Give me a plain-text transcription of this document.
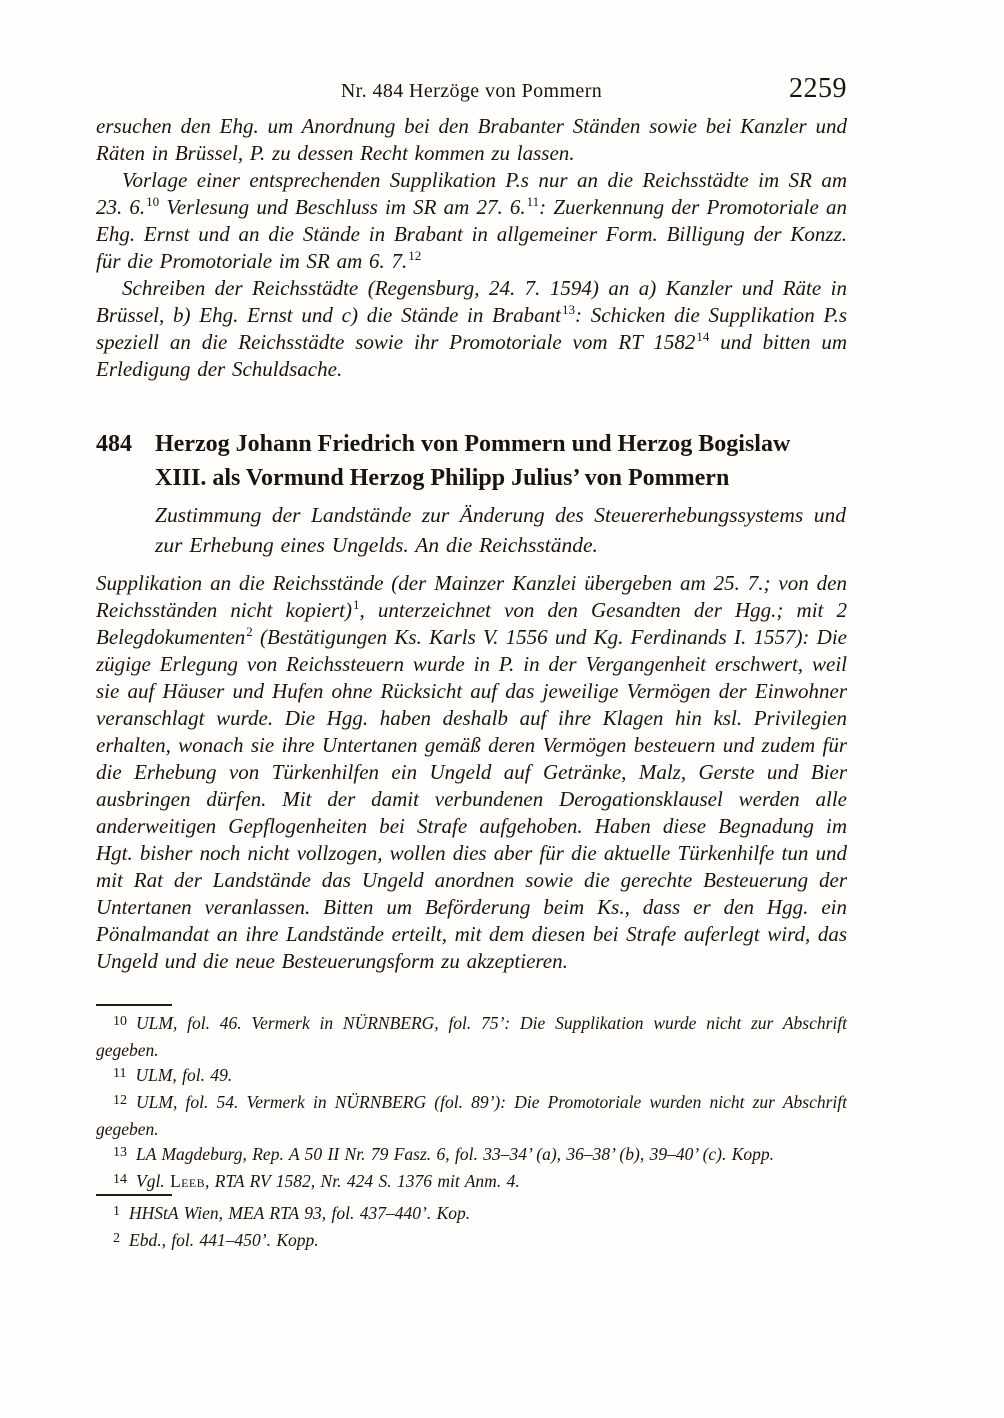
Nr. 484 Herzöge von Pommern	2259

ersuchen den Ehg. um Anordnung bei den Brabanter Ständen sowie bei Kanzler und Räten in Brüssel, P. zu dessen Recht kommen zu lassen.

Vorlage einer entsprechenden Supplikation P.s nur an die Reichsstädte im SR am 23. 6.10 Verlesung und Beschluss im SR am 27. 6.11: Zuerkennung der Promotoriale an Ehg. Ernst und an die Stände in Brabant in allgemeiner Form. Billigung der Konzz. für die Promotoriale im SR am 6. 7.12

Schreiben der Reichsstädte (Regensburg, 24. 7. 1594) an a) Kanzler und Räte in Brüssel, b) Ehg. Ernst und c) die Stände in Brabant$^{13}$: Schicken die Supplikation P.s speziell an die Reichsstädte sowie ihr Promotoriale vom RT 1582$^{14}$ und bitten um Erledigung der Schuldsache.

484 Herzog Johann Friedrich von Pommern und Herzog Bogislaw XIII. als Vormund Herzog Philipp Julius’ von Pommern
Zustimmung der Landstände zur Änderung des Steuererhebungssystems und zur Erhebung eines Ungelds. An die Reichsstände.

Supplikation an die Reichsstände (der Mainzer Kanzlei übergeben am 25. 7.; von den Reichsständen nicht kopiert)$^1$, unterzeichnet von den Gesandten der Hgg.; mit 2 Belegdokumenten$^2$ (Bestätigungen Ks. Karls V. 1556 und Kg. Ferdinands I. 1557): Die zügige Erlegung von Reichssteuern wurde in P. in der Vergangenheit erschwert, weil sie auf Häuser und Hufen ohne Rücksicht auf das jeweilige Vermögen der Einwohner veranschlagt wurde. Die Hgg. haben deshalb auf ihre Klagen hin ksl. Privilegien erhalten, wonach sie ihre Untertanen gemäß deren Vermögen besteuern und zudem für die Erhebung von Türkenhilfen ein Ungeld auf Getränke, Malz, Gerste und Bier ausbringen dürfen. Mit der damit verbundenen Derogationsklausel werden alle anderweitigen Gepflogenheiten bei Strafe aufgehoben. Haben diese Begnadung im Hgt. bisher noch nicht vollzogen, wollen dies aber für die aktuelle Türkenhilfe tun und mit Rat der Landstände das Ungeld anordnen sowie die gerechte Besteuerung der Untertanen veranlassen. Bitten um Beförderung beim Ks., dass er den Hgg. ein Pönalmandat an ihre Landstände erteilt, mit dem diesen bei Strafe auferlegt wird, das Ungeld und die neue Besteuerungsform zu akzeptieren.

$^{10}$ ULM, fol. 46. Vermerk in NÜRNBERG, fol. 75’: Die Supplikation wurde nicht zur Abschrift gegeben.

$^{11}$ ULM, fol. 49.

$^{12}$ ULM, fol. 54. Vermerk in NÜRNBERG (fol. 89’): Die Promotoriale wurden nicht zur Abschrift gegeben.

$^{13}$ LA Magdeburg, Rep. A 50 II Nr. 79 Fasz. 6, fol. 33–34’ (a), 36–38’ (b), 39–40’ (c). Kopp.

$^{14}$ Vgl. Leeb, RTA RV 1582, Nr. 424 S. 1376 mit Anm. 4.

$^1$ HHStA Wien, MEA RTA 93, fol. 437–440’. Kop.

$^2$ Ebd., fol. 441–450’. Kopp.
